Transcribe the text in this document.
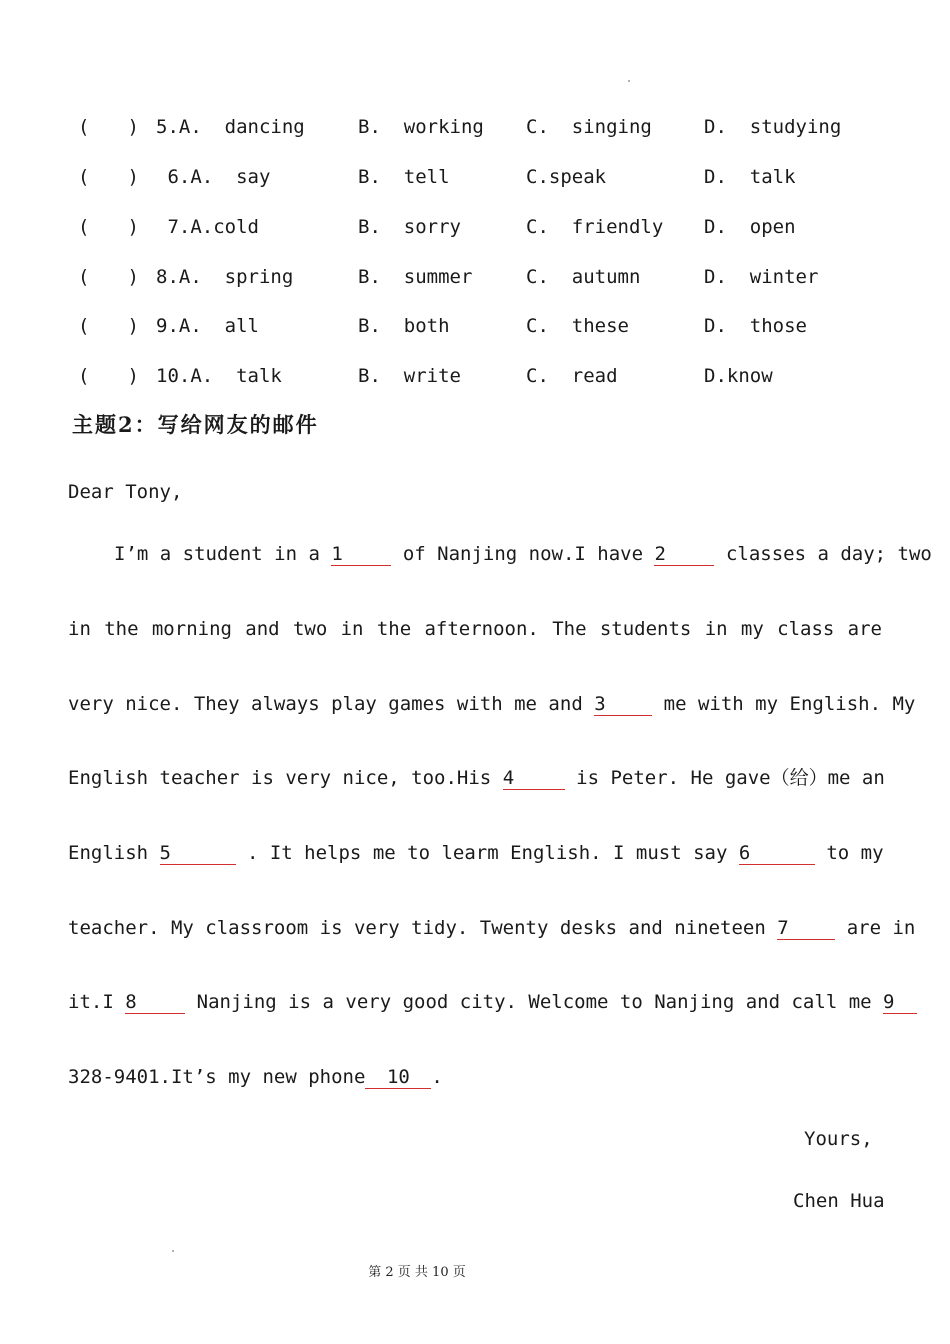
(　　) 5.A.  dancing	B.  working C.  singing	D.  studying
(　　) 6.A.  say	B.  tell	C.speak	D.  talk
(　　) 7.A.cold	B.  sorry	C.  friendly D.  open
(　　) 8.A.  spring	B.  summer	C.  autumn	D.  winter
(　　) 9.A.  all	B.  both	C.  these	D.  those
(　　) 10.A.  talk	B.  write	C.  read	D.know
主题2：写给网友的邮件
Dear Tony,
I’m a student in a 1	of Nanjing now.I have 2	classes a day; two
in the morning and two in the afternoon. The students in my class are
very nice. They always play games with me and 3	me with my English. My
English teacher is very nice, too.His 4	is Peter. He gave（给）me an
English 5	. It helps me to learm English. I must say 6	to my
teacher. My classroom is very tidy. Twenty desks and nineteen 7	are in
it.I 8	Nanjing is a very good city. Welcome to Nanjing and call me 9
328-9401.It’s my new phone 10 .
Yours,
Chen Hua
第 2 页 共 10 页
